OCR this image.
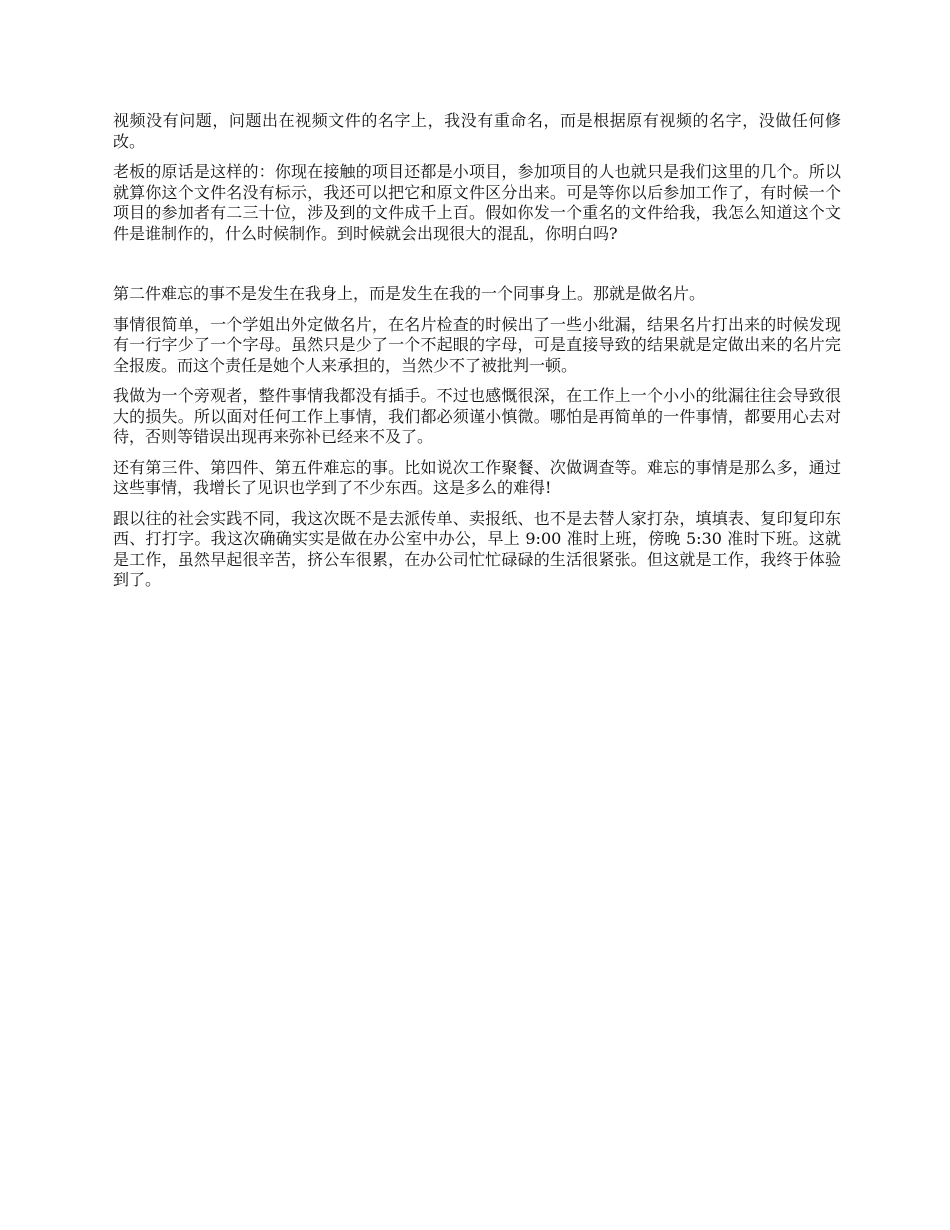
视频没有问题，问题出在视频文件的名字上，我没有重命名，而是根据原有视频的名字，没做任何修改。

老板的原话是这样的：你现在接触的项目还都是小项目，参加项目的人也就只是我们这里的几个。所以就算你这个文件名没有标示，我还可以把它和原文件区分出来。可是等你以后参加工作了，有时候一个项目的参加者有二三十位，涉及到的文件成千上百。假如你发一个重名的文件给我，我怎么知道这个文件是谁制作的，什么时候制作。到时候就会出现很大的混乱，你明白吗?

第二件难忘的事不是发生在我身上，而是发生在我的一个同事身上。那就是做名片。

事情很简单，一个学姐出外定做名片，在名片检查的时候出了一些小纰漏，结果名片打出来的时候发现有一行字少了一个字母。虽然只是少了一个不起眼的字母，可是直接导致的结果就是定做出来的名片完全报废。而这个责任是她个人来承担的，当然少不了被批判一顿。

我做为一个旁观者，整件事情我都没有插手。不过也感慨很深，在工作上一个小小的纰漏往往会导致很大的损失。所以面对任何工作上事情，我们都必须谨小慎微。哪怕是再简单的一件事情，都要用心去对待，否则等错误出现再来弥补已经来不及了。

还有第三件、第四件、第五件难忘的事。比如说次工作聚餐、次做调查等。难忘的事情是那么多，通过这些事情，我增长了见识也学到了不少东西。这是多么的难得!

跟以往的社会实践不同，我这次既不是去派传单、卖报纸、也不是去替人家打杂，填填表、复印复印东西、打打字。我这次确确实实是做在办公室中办公，早上 9:00 准时上班，傍晚 5:30 准时下班。这就是工作，虽然早起很辛苦，挤公车很累，在办公司忙忙碌碌的生活很紧张。但这就是工作，我终于体验到了。
